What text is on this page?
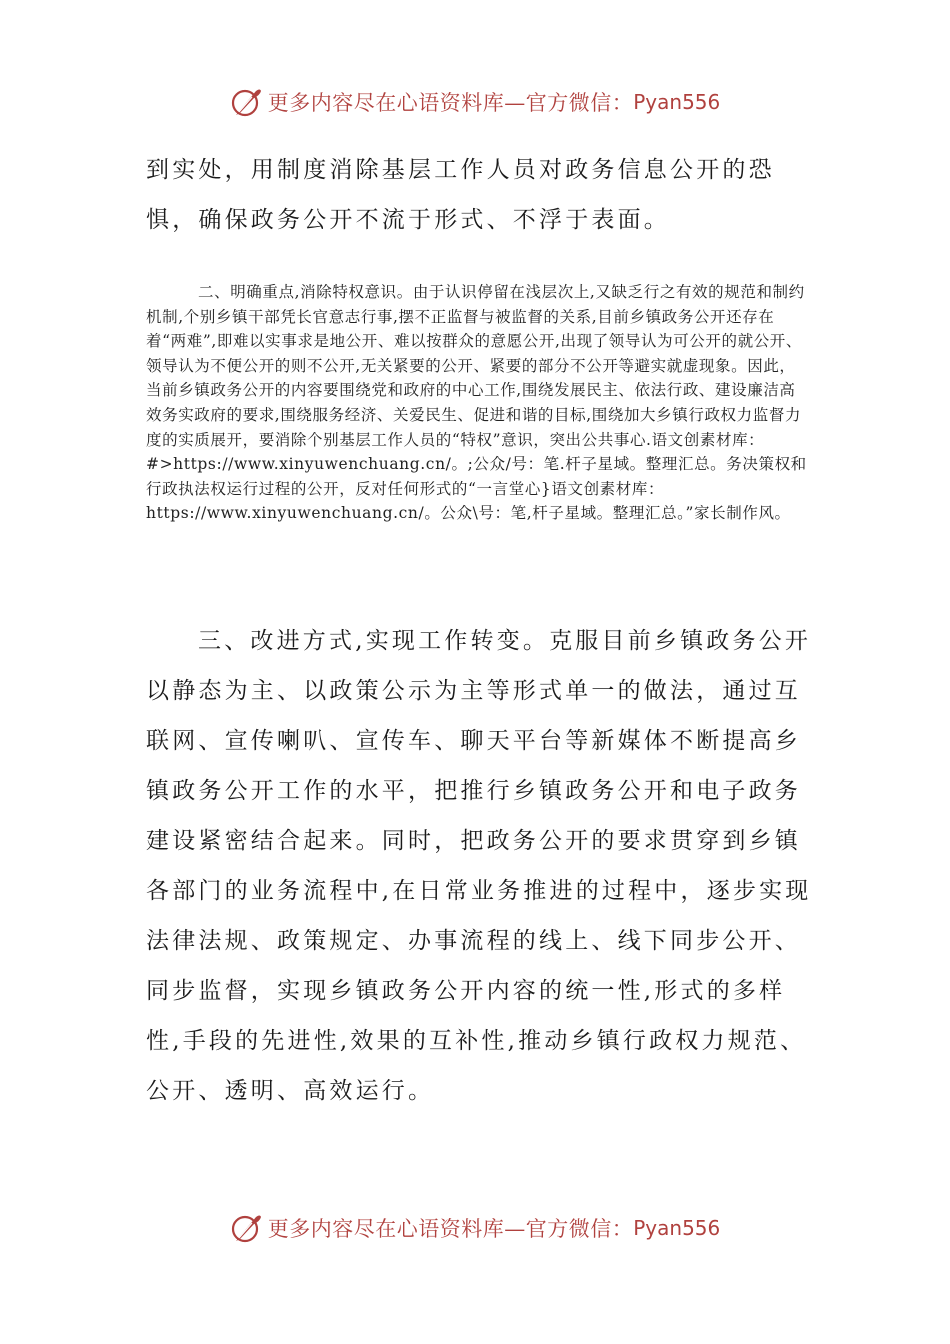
更多内容尽在心语资料库—官方微信： Pyan556

到实处，用制度消除基层工作人员对政务信息公开的恐惧，确保政务公开不流于形式、不浮于表面。

二、明确重点,消除特权意识。由于认识停留在浅层次上,又缺乏行之有效的规范和制约机制,个别乡镇干部凭长官意志行事,摆不正监督与被监督的关系,目前乡镇政务公开还存在着“两难”,即难以实事求是地公开、难以按群众的意愿公开,出现了领导认为可公开的就公开、领导认为不便公开的则不公开,无关紧要的公开、紧要的部分不公开等避实就虚现象。因此，当前乡镇政务公开的内容要围绕党和政府的中心工作,围绕发展民主、依法行政、建设廉洁高效务实政府的要求,围绕服务经济、关爱民生、促进和谐的目标,围绕加大乡镇行政权力监督力度的实质展开，要消除个别基层工作人员的“特权”意识，突出公共事心.语文创素材库：#>https://www.xinyuwenchuang.cn/。;公众/号：笔.杆子星域。整理汇总。务决策权和行政执法权运行过程的公开，反对任何形式的“一言堂心}语文创素材库：https://www.xinyuwenchuang.cn/。公众\号：笔,杆子星域。整理汇总。”家长制作风。

三、改进方式,实现工作转变。克服目前乡镇政务公开以静态为主、以政策公示为主等形式单一的做法，通过互联网、宣传喇叭、宣传车、聊天平台等新媒体不断提高乡镇政务公开工作的水平，把推行乡镇政务公开和电子政务建设紧密结合起来。同时，把政务公开的要求贯穿到乡镇各部门的业务流程中,在日常业务推进的过程中，逐步实现法律法规、政策规定、办事流程的线上、线下同步公开、同步监督，实现乡镇政务公开内容的统一性,形式的多样性,手段的先进性,效果的互补性,推动乡镇行政权力规范、公开、透明、高效运行。

更多内容尽在心语资料库—官方微信： Pyan556
